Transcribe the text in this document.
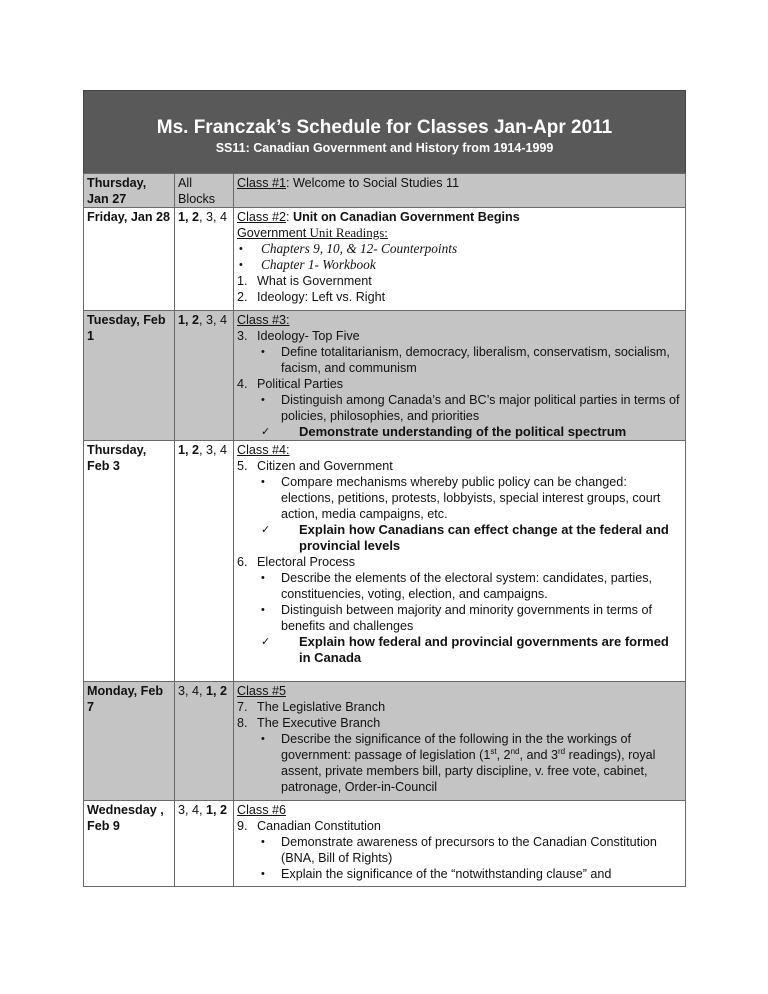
Ms. Franczak’s Schedule for Classes Jan-Apr 2011
SS11: Canadian Government and History from 1914-1999
Thursday, Jan 27	All Blocks	Class #1: Welcome to Social Studies 11
Friday, Jan 28	1, 2, 3, 4	Class #2: Unit on Canadian Government Begins
Government Unit Readings:
•	Chapters 9, 10, & 12- Counterpoints
•	Chapter 1- Workbook
1. What is Government
2. Ideology: Left vs. Right

Tuesday, Feb 1	1, 2, 3, 4	Class #3:
3. Ideology- Top Five
•	Define totalitarianism, democracy, liberalism, conservatism, socialism, facism, and communism
4. Political Parties
•	Distinguish among Canada’s and BC’s major political parties in terms of policies, philosophies, and priorities
✓	Demonstrate understanding of the political spectrum

Thursday, Feb 3	1, 2, 3, 4	Class #4:
5. Citizen and Government
•	Compare mechanisms whereby public policy can be changed: elections, petitions, protests, lobbyists, special interest groups, court action, media campaigns, etc.
✓	Explain how Canadians can effect change at the federal and provincial levels
6. Electoral Process
•	Describe the elements of the electoral system: candidates, parties, constituencies, voting, election, and campaigns.
•	Distinguish between majority and minority governments in terms of benefits and challenges
✓	Explain how federal and provincial governments are formed in Canada

Monday, Feb 7	3, 4, 1, 2	Class #5
7. The Legislative Branch
8. The Executive Branch
•	Describe the significance of the following in the the workings of government: passage of legislation (1st, 2nd, and 3rd readings), royal assent, private members bill, party discipline, v. free vote, cabinet, patronage, Order-in-Council

Wednesday , Feb 9	3, 4, 1, 2	Class #6
9. Canadian Constitution
•	Demonstrate awareness of precursors to the Canadian Constitution (BNA, Bill of Rights)
•	Explain the significance of the “notwithstanding clause” and
